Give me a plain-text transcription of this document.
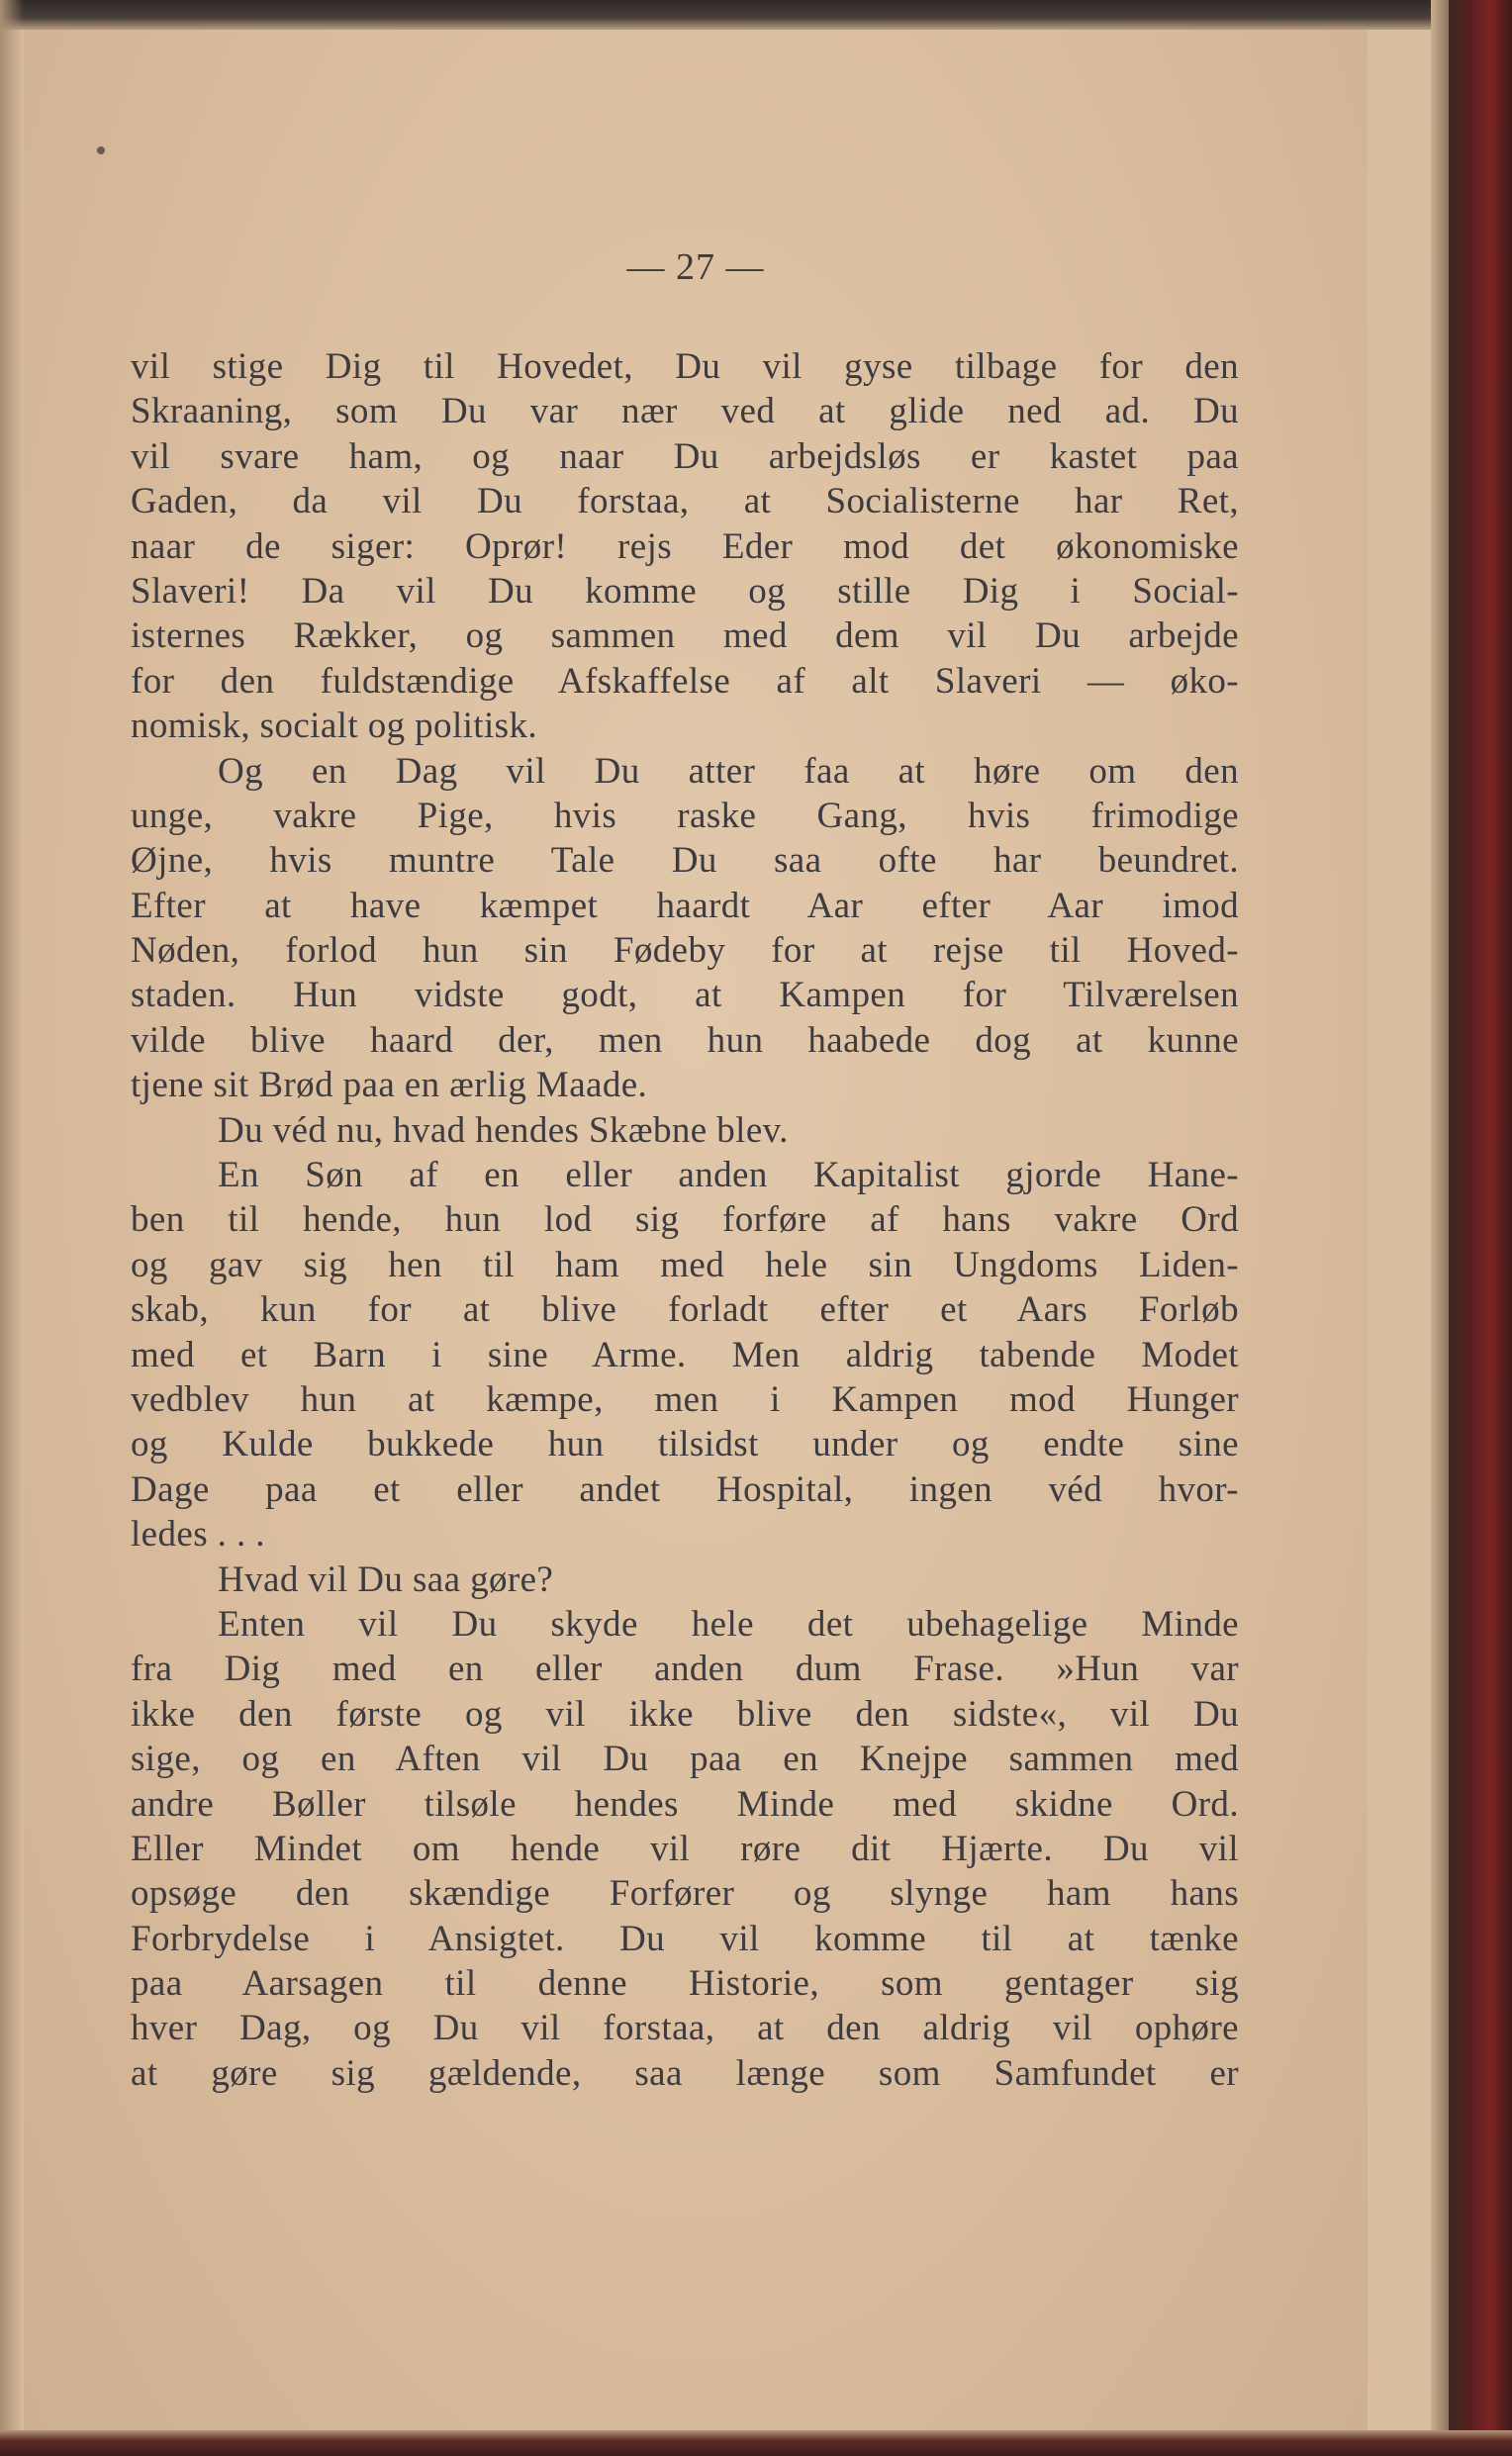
— 27 —
vil stige Dig til Hovedet, Du vil gyse tilbage for den
Skraaning, som Du var nær ved at glide ned ad. Du
vil svare ham, og naar Du arbejdsløs er kastet paa
Gaden, da vil Du forstaa, at Socialisterne har Ret,
naar de siger: Oprør! rejs Eder mod det økonomiske
Slaveri! Da vil Du komme og stille Dig i Social-
isternes Rækker, og sammen med dem vil Du arbejde
for den fuldstændige Afskaffelse af alt Slaveri — øko-
nomisk, socialt og politisk.
Og en Dag vil Du atter faa at høre om den
unge, vakre Pige, hvis raske Gang, hvis frimodige
Øjne, hvis muntre Tale Du saa ofte har beundret.
Efter at have kæmpet haardt Aar efter Aar imod
Nøden, forlod hun sin Fødeby for at rejse til Hoved-
staden. Hun vidste godt, at Kampen for Tilværelsen
vilde blive haard der, men hun haabede dog at kunne
tjene sit Brød paa en ærlig Maade.
Du véd nu, hvad hendes Skæbne blev.
En Søn af en eller anden Kapitalist gjorde Hane-
ben til hende, hun lod sig forføre af hans vakre Ord
og gav sig hen til ham med hele sin Ungdoms Liden-
skab, kun for at blive forladt efter et Aars Forløb
med et Barn i sine Arme. Men aldrig tabende Modet
vedblev hun at kæmpe, men i Kampen mod Hunger
og Kulde bukkede hun tilsidst under og endte sine
Dage paa et eller andet Hospital, ingen véd hvor-
ledes . . .
Hvad vil Du saa gøre?
Enten vil Du skyde hele det ubehagelige Minde
fra Dig med en eller anden dum Frase. »Hun var
ikke den første og vil ikke blive den sidste«, vil Du
sige, og en Aften vil Du paa en Knejpe sammen med
andre Bøller tilsøle hendes Minde med skidne Ord.
Eller Mindet om hende vil røre dit Hjærte. Du vil
opsøge den skændige Forfører og slynge ham hans
Forbrydelse i Ansigtet. Du vil komme til at tænke
paa Aarsagen til denne Historie, som gentager sig
hver Dag, og Du vil forstaa, at den aldrig vil ophøre
at gøre sig gældende, saa længe som Samfundet er
